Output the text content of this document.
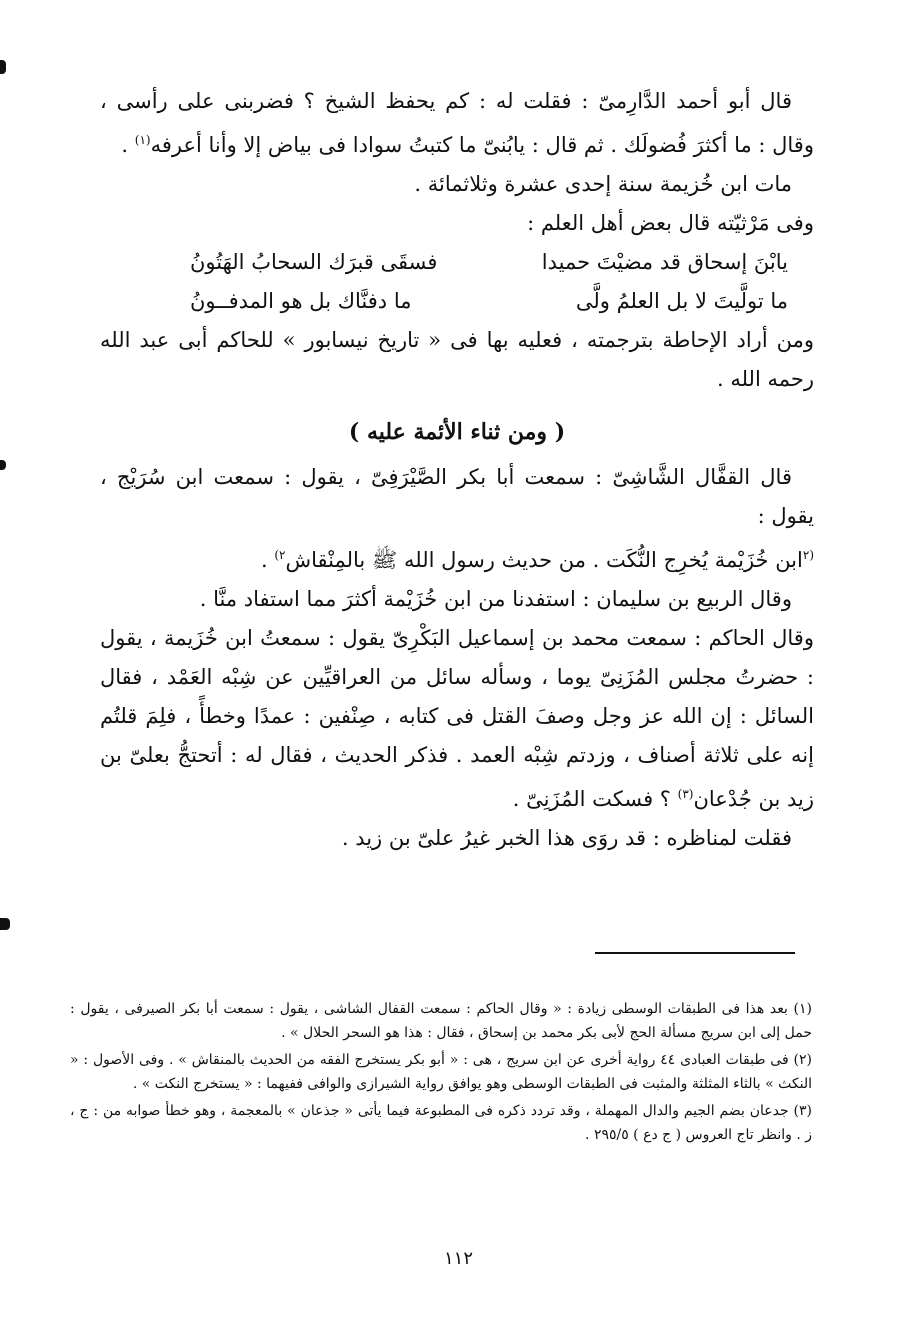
قال أبو أحمد الدَّارِمىّ : فقلت له : كم يحفظ الشيخ ؟ فضربنى على رأسى ، وقال : ما أكثرَ فُضولَك . ثم قال : يابُنىّ ما كتبتُ سوادا فى بياض إلا وأنا أعرفه$^{(١)}$ .

مات ابن خُزيمة سنة إحدى عشرة وثلاثمائة .

وفى مَرْثيّته قال بعض أهل العلم :

يابْنَ إسحاق قد مضيْتَ حميدا
فسقَى قبرَك السحابُ الهَتُونُ
ما تولَّيتَ لا بل العلمُ ولَّى
ما دفنَّاك بل هو المدفــونُ

ومن أراد الإحاطة بترجمته ، فعليه بها فى « تاريخ نيسابور » للحاكم أبى عبد الله رحمه الله .

( ومن ثناء الأئمة عليه )

قال القفَّال الشَّاشِىّ : سمعت أبا بكر الصَّيْرَفِىّ ، يقول : سمعت ابن سُرَيْج ، يقول :

$^{(٢}$ابن خُزَيْمة يُخرِج النُّكَت . من حديث رسول الله ﷺ بالمِنْقاش$^{٢)}$ .

وقال الربيع بن سليمان : استفدنا من ابن خُزَيْمة أكثرَ مما استفاد منَّا .

وقال الحاكم : سمعت محمد بن إسماعيل البَكْرِىّ يقول : سمعتُ ابن خُزَيمة ، يقول : حضرتُ مجلس المُزَنِىّ يوما ، وسأله سائل من العراقيِّين عن شِبْه العَمْد ، فقال السائل : إن الله عز وجل وصفَ القتل فى كتابه ، صِنْفين : عمدًا وخطأً ، فلِمَ قلتُم إنه على ثلاثة أصناف ، وزدتم شِبْه العمد . فذكر الحديث ، فقال له : أتحتجُّ بعلىّ بن زيد بن جُدْعان$^{(٣)}$ ؟ فسكت المُزَنِىّ .

فقلت لمناظره : قد روَى هذا الخبر غيرُ علىّ بن زيد .

(١) بعد هذا فى الطبقات الوسطى زيادة : « وقال الحاكم : سمعت القفال الشاشى ، يقول : سمعت أبا بكر الصيرفى ، يقول : حمل إلى ابن سريج مسألة الحج لأبى بكر محمد بن إسحاق ، فقال : هذا هو السحر الحلال » .

(٢) فى طبقات العبادى ٤٤ رواية أخرى عن ابن سريج ، هى : « أبو بكر يستخرج الفقه من الحديث بالمنقاش » . وفى الأصول : « النكث » بالثاء المثلثة والمثبت فى الطبقات الوسطى وهو يوافق رواية الشيرازى والوافى ففيهما : « يستخرج النكت » .

(٣) جدعان بضم الجيم والدال المهملة ، وقد تردد ذكره فى المطبوعة فيما يأتى « جذعان » بالمعجمة ، وهو خطأ صوابه من : ج ، ز . وانظر تاج العروس ( ج دع ) ٢٩٥/٥ .

١١٢
